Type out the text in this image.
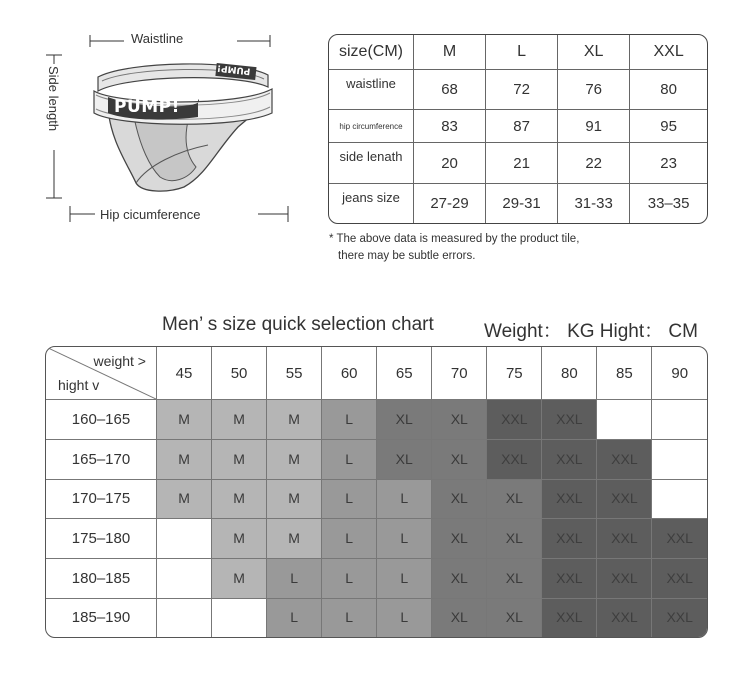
Waistline
Side length
Hip cicumference
PUMP!
PUMP!
size(CM)	M	L	XL	XXL
waistline	68	72	76	80
hip circumference	83	87	91	95
side lenath	20	21	22	23
jeans size	27-29	29-31	31-33	33–35
* The above data is measured by the product tile,
there may be subtle errors.
Men’ s size quick selection chart	Weight： KG Hight： CM
weight >
hight v	45	50	55	60	65	70	75	80	85	90
160–165	M	M	M	L	XL	XL	XXL	XXL		
165–170	M	M	M	L	XL	XL	XXL	XXL	XXL	
170–175	M	M	M	L	L	XL	XL	XXL	XXL	
175–180		M	M	L	L	XL	XL	XXL	XXL	XXL
180–185		M	L	L	L	XL	XL	XXL	XXL	XXL
185–190			L	L	L	XL	XL	XXL	XXL	XXL
